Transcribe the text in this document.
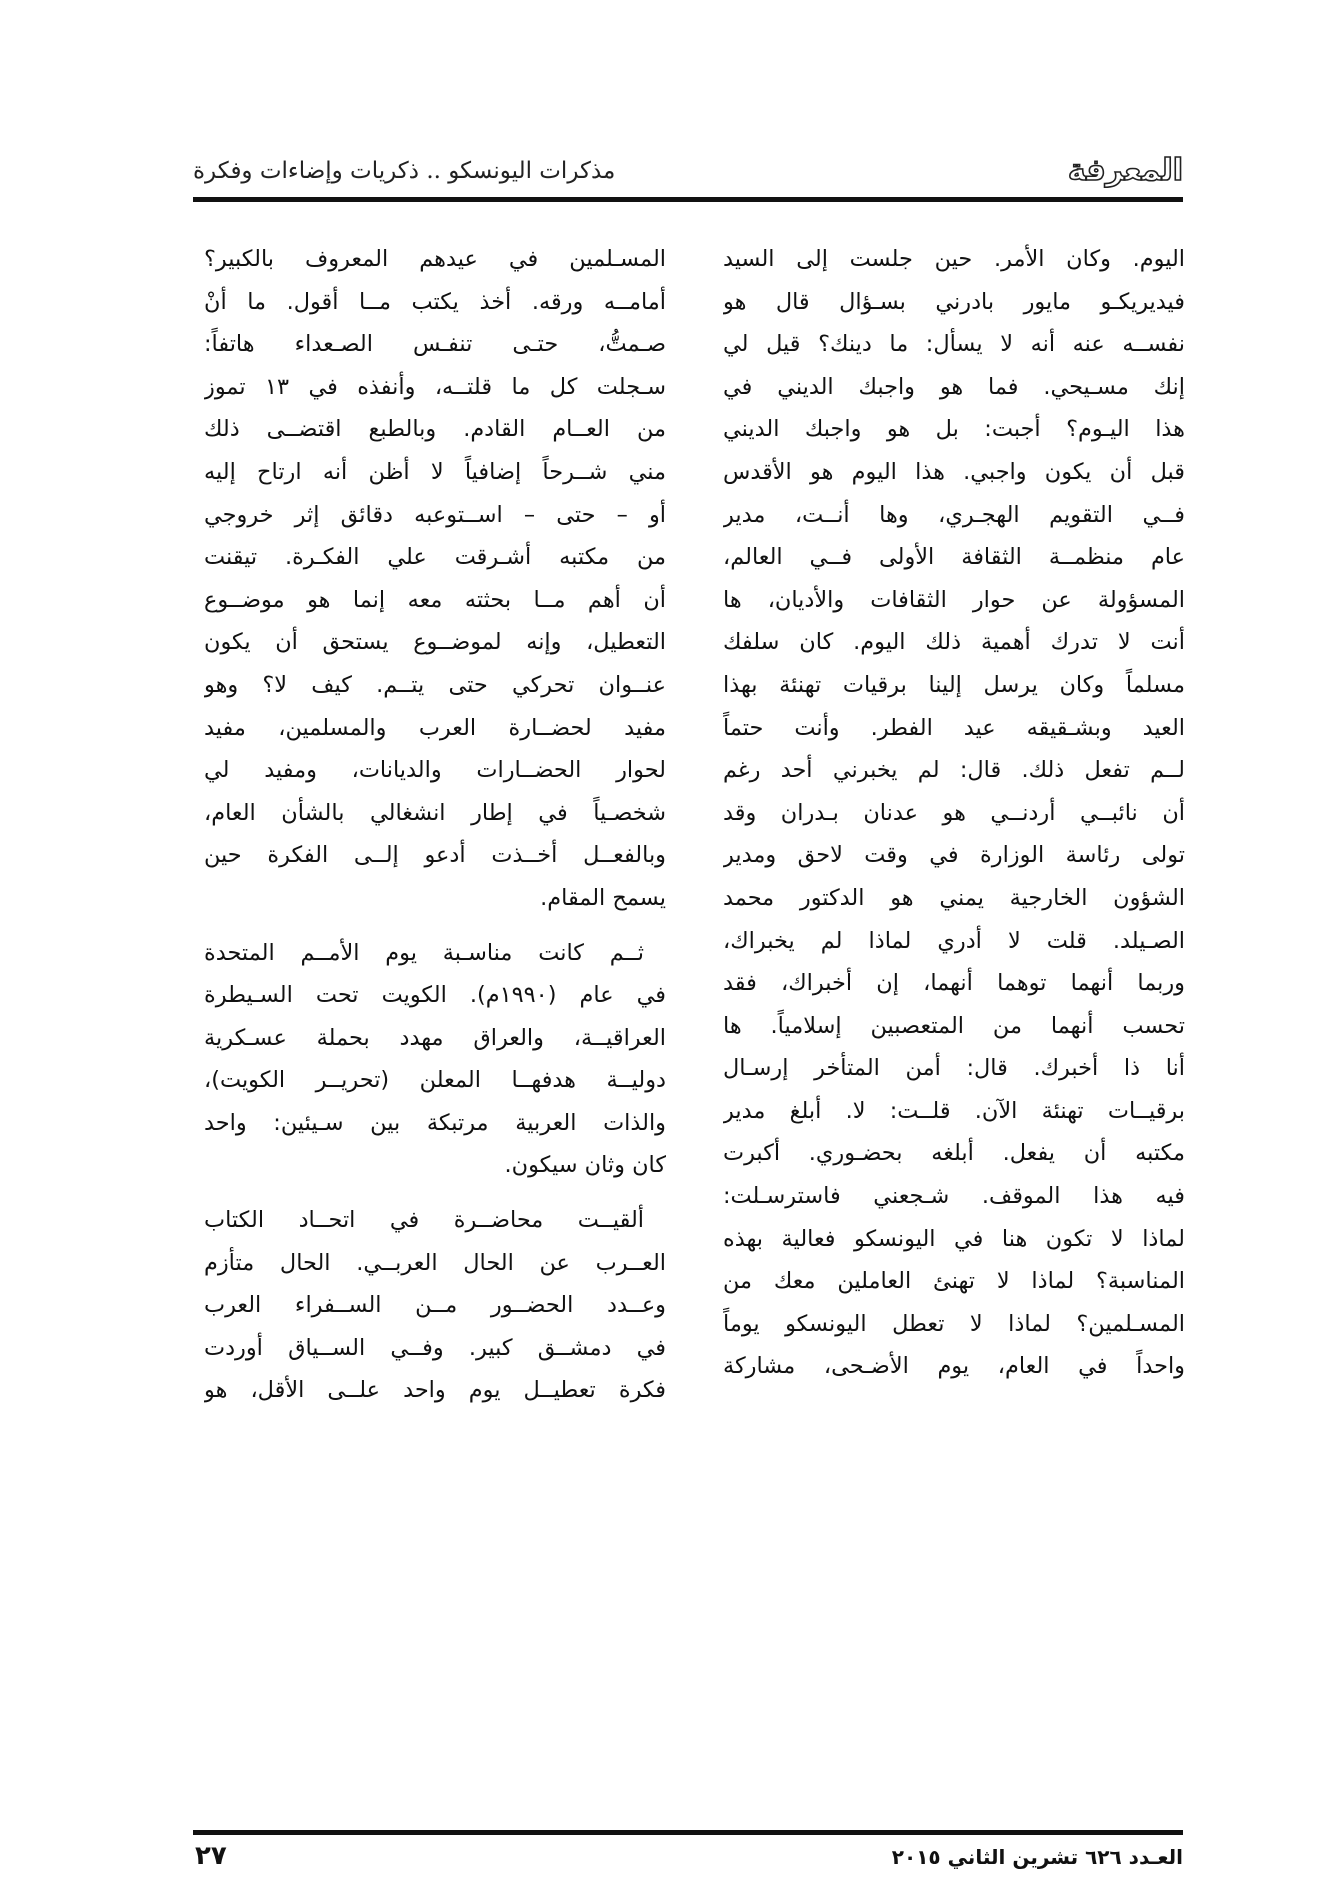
المعرفة
مذكرات اليونسكو .. ذكريات وإضاءات وفكرة
اليوم. وكان الأمر. حين جلست إلى السيد
فيديريكـو مايور بادرني بسـؤال قال هو
نفســه عنه أنه لا يسأل: ما دينك؟ قيل لي
إنك مسـيحي. فما هو واجبك الديني في
هذا اليـوم؟ أجبت: بل هو واجبك الديني
قبل أن يكون واجبي. هذا اليوم هو الأقدس
فــي التقويم الهجـري، وها أنــت، مدير
عام منظمــة الثقافة الأولى فــي العالم،
المسؤولة عن حوار الثقافات والأديان، ها
أنت لا تدرك أهمية ذلك اليوم. كان سلفك
مسلماً وكان يرسل إلينا برقيات تهنئة بهذا
العيد وبشـقيقه عيد الفطر. وأنت حتماً
لــم تفعل ذلك. قال: لم يخبرني أحد رغم
أن نائبــي أردنــي هو عدنان بـدران وقد
تولى رئاسة الوزارة في وقت لاحق ومدير
الشؤون الخارجية يمني هو الدكتور محمد
الصـيلد. قلت لا أدري لماذا لم يخبراك،
وربما أنهما توهما أنهما، إن أخبراك، فقد
تحسب أنهما من المتعصبين إسلامياً. ها
أنا ذا أخبرك. قال: أمن المتأخر إرسـال
برقيــات تهنئة الآن. قلــت: لا. أبلغ مدير
مكتبه أن يفعل. أبلغه بحضـوري. أكبرت
فيه هذا الموقف. شـجعني فاسترسـلت:
لماذا لا تكون هنا في اليونسكو فعالية بهذه
المناسبة؟ لماذا لا تهنئ العاملين معك من
المسـلمين؟ لماذا لا تعطل اليونسكو يوماً
واحداً في العام، يوم الأضـحى، مشاركة
المسـلمين في عيدهم المعروف بالكبير؟
أمامــه ورقه. أخذ يكتب مــا أقول. ما أنْ
صـمتُّ، حتـى تنفـس الصـعداء هاتفاً:
سـجلت كل ما قلتــه، وأنفذه في ١٣ تموز
من العــام القادم. وبالطبع اقتضــى ذلك
مني شــرحاً إضافياً لا أظن أنه ارتاح إليه
أو – حتى – اســتوعبه دقائق إثر خروجي
من مكتبه أشـرقت علي الفكـرة. تيقنت
أن أهم مــا بحثته معه إنما هو موضــوع
التعطيل، وإنه لموضــوع يستحق أن يكون
عنــوان تحركي حتى يتــم. كيف لا؟ وهو
مفيد لحضــارة العرب والمسلمين، مفيد
لحوار الحضــارات والديانات، ومفيد لي
شخصـياً في إطار انشغالي بالشأن العام،
وبالفعــل أخــذت أدعو إلــى الفكرة حين
يسمح المقام.
ثــم كانت مناسـبة يوم الأمــم المتحدة
في عام (١٩٩٠م). الكويت تحت السـيطرة
العراقيــة، والعراق مهدد بحملة عسـكرية
دوليــة هدفهــا المعلن (تحريــر الكويت)،
والذات العربية مرتبكة بين سـيئين: واحد
كان وثان سيكون.
ألقيــت محاضــرة في اتحــاد الكتاب
العــرب عن الحال العربــي. الحال متأزم
وعــدد الحضــور مــن الســفراء العرب
في دمشــق كبير. وفــي الســياق أوردت
فكرة تعطيــل يوم واحد علــى الأقل، هو
العـدد ٦٢٦ تشرين الثاني ٢٠١٥
٢٧
